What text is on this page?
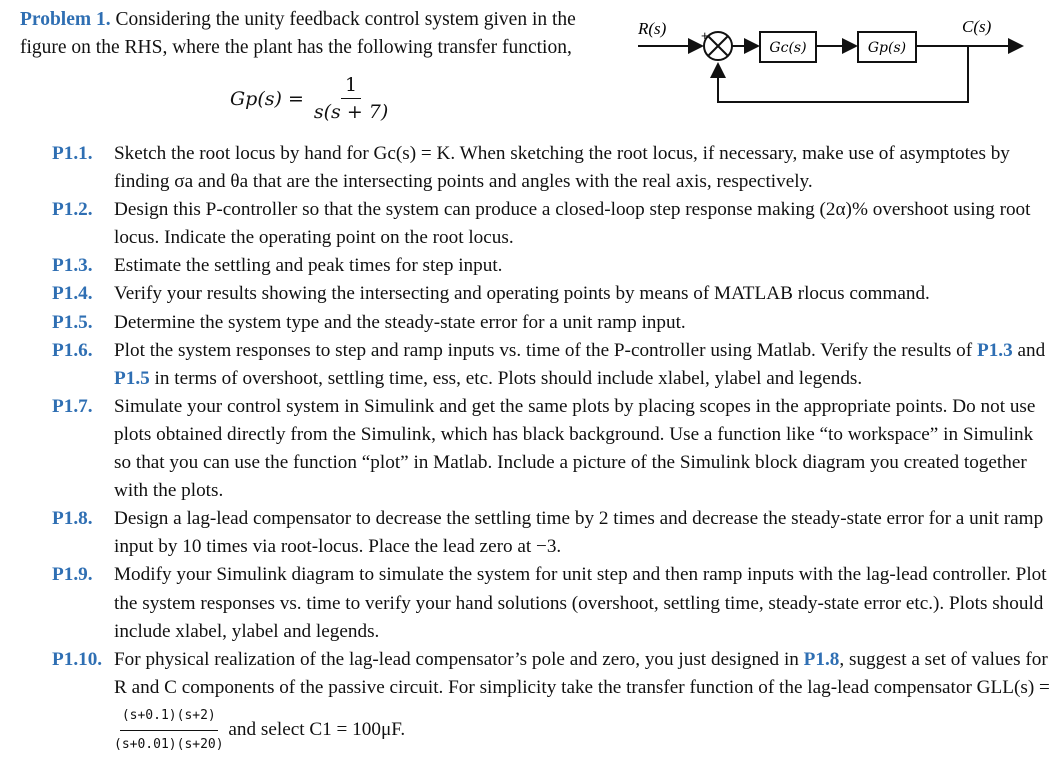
Problem 1. Considering the unity feedback control system given in the
figure on the RHS, where the plant has the following transfer function,
$Gp(s) = \frac{1}{s(s + 7)}$
R(s)	+
Gc(s)	Gp(s)
C(s)
P1.1.	Sketch the root locus by hand for Gc(s) = K. When sketching the root locus, if necessary, make use of asymptotes by finding σa and θa that are the intersecting points and angles with the real axis, respectively.
P1.2.	Design this P-controller so that the system can produce a closed-loop step response making (2α)% overshoot using root locus. Indicate the operating point on the root locus.
P1.3.	Estimate the settling and peak times for step input.
P1.4.	Verify your results showing the intersecting and operating points by means of MATLAB rlocus command.
P1.5.	Determine the system type and the steady-state error for a unit ramp input.
P1.6.	Plot the system responses to step and ramp inputs vs. time of the P-controller using Matlab. Verify the results of P1.3 and P1.5 in terms of overshoot, settling time, ess, etc. Plots should include xlabel, ylabel and legends.
P1.7.	Simulate your control system in Simulink and get the same plots by placing scopes in the appropriate points. Do not use plots obtained directly from the Simulink, which has black background. Use a function like “to workspace” in Simulink so that you can use the function “plot” in Matlab. Include a picture of the Simulink block diagram you created together with the plots.
P1.8.	Design a lag-lead compensator to decrease the settling time by 2 times and decrease the steady-state error for a unit ramp input by 10 times via root-locus. Place the lead zero at −3.
P1.9.	Modify your Simulink diagram to simulate the system for unit step and then ramp inputs with the lag-lead controller. Plot the system responses vs. time to verify your hand solutions (overshoot, settling time, steady-state error etc.). Plots should include xlabel, ylabel and legends.
P1.10. For physical realization of the lag-lead compensator’s pole and zero, you just designed in P1.8, suggest a set of values for R and C components of the passive circuit. For simplicity take the transfer function of the lag-lead compensator GLL(s) =
$\frac{(s+0.1)(s+2)}{(s+0.01)(s+20)}$ and select C1 = 100μF.
